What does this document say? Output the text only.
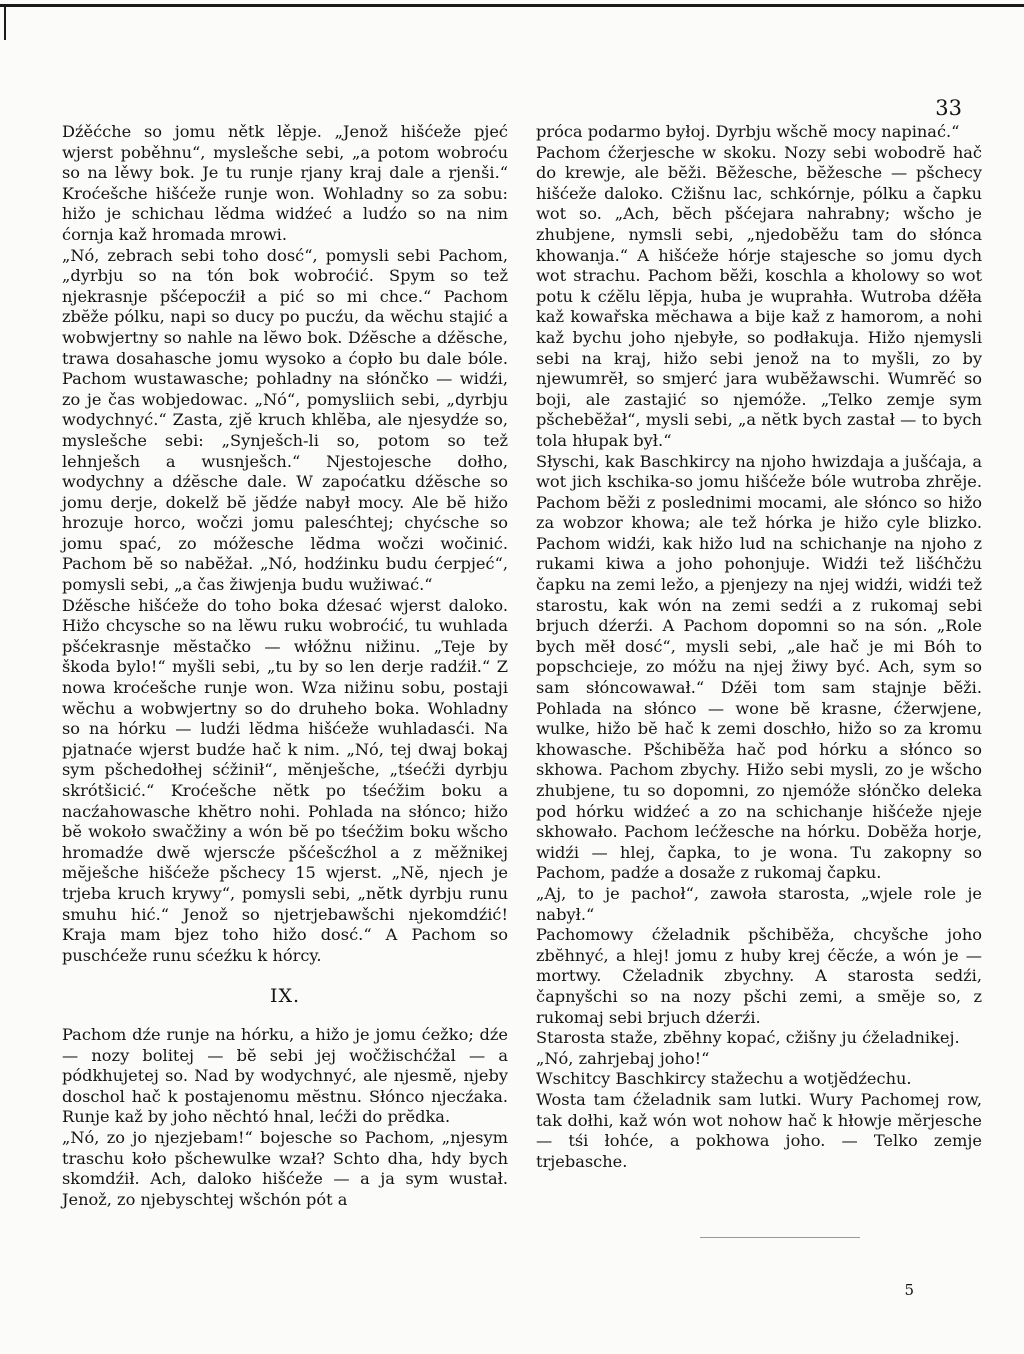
33

Dźěćche so jomu nětk lěpje. „Jenož hišćeže pjeć wjerst poběhnu“, myslešche sebi, „a potom wobroću so na lěwy bok. Je tu runje rjany kraj dale a rjenši.“ Kroćešche hišćeže runje won. Wohladny so za sobu: hižo je schichau lědma widźeć a ludźo so na nim ćornja kaž hromada mrowi.

„Nó, zebrach sebi toho dosć“, pomysli sebi Pachom, „dyrbju so na tón bok wobroćić. Spym so tež njekrasnje pšćepocźił a pić so mi chce.“ Pachom zbĕže pólku, napi so ducy po pucźu, da wĕchu stajić a wobwjertny so nahle na lĕwo bok. Dźĕsche a dźĕsche, trawa dosahasche jomu wysoko a ćopło bu dale bóle. Pachom wustawasche; pohladny na słónčko — widźi, zo je čas wobjedowac. „Nó“, pomysliich sebi, „dyrbju wodychnyć.“ Zasta, zjĕ kruch khlĕba, ale njesydźe so, myslešche sebi: „Synješch-li so, potom so tež lehnješch a wusnješch.“ Njestojesche dołho, wodychny a dźĕsche dale. W zapoćatku dźĕsche so jomu derje, dokelž bĕ jĕdźe nabył mocy. Ale bĕ hižo hrozuje horco, wočzi jomu palesćhtej; chyćsche so jomu spać, zo móžesche lĕdma wočzi wočinić. Pachom bĕ so nabĕžał. „Nó, hodźinku budu ćerpjeć“, pomysli sebi, „a čas žiwjenja budu wužiwać.“

Dźĕsche hišćeže do toho boka dźesać wjerst daloko. Hižo chcysche so na lĕwu ruku wobroćić, tu wuhlada pšćekrasnje mĕstačko — włóžnu nižinu. „Teje by škoda bylo!“ myšli sebi, „tu by so len derje radźił.“ Z nowa kroćešche runje won. Wza nižinu sobu, postaji wĕchu a wobwjertny so do druheho boka. Wohladny so na hórku — ludźi lĕdma hišćeže wuhladasći. Na pjatnaće wjerst budźe hač k nim. „Nó, tej dwaj bokaj sym pšchedołhej sćžinił“, mĕnješche, „tśećži dyrbju skrótšicić.“ Kroćešche nĕtk po tśećžim boku a nacźahowasche khĕtro nohi. Pohlada na słónco; hižo bĕ wokoło swačžiny a wón bĕ po tśećžim boku wšcho hromadźe dwĕ wjerscźe pšćešcźhol a z mĕžnikej mĕješche hišćeže pšchecy 15 wjerst. „Nĕ, njech je trjeba kruch krywy“, pomysli sebi, „nĕtk dyrbju runu smuhu hić.“ Jenož so njetrjebawšchi njekomdźić! Kraja mam bjez toho hižo dosć.“ A Pachom so puschćeže runu sćeźku k hórcy.

IX.

Pachom dźe runje na hórku, a hižo je jomu ćežko; dźe — nozy bolitej — bĕ sebi jej wočžischćžal — a pódkhujetej so. Nad by wodychnyć, ale njesmĕ, njeby doschol hač k postajenomu mĕstnu. Słónco njecźaka. Runje kaž by joho nĕchtó hnal, lećži do prĕdka.

„Nó, zo jo njezjebam!“ bojesche so Pachom, „njesym traschu koło pšchewulke wzał? Schto dha, hdy bych skomdźił. Ach, daloko hišćeže — a ja sym wustał. Jenož, zo njebyschtej wšchón pót a

próca podarmo byłoj. Dyrbju wšchĕ mocy napinać.“

Pachom ćžerjesche w skoku. Nozy sebi wobodrĕ hač do krewje, ale bĕži. Bĕžesche, bĕžesche — pšchecy hišćeže daloko. Cžišnu lac, schkórnje, pólku a čapku wot so. „Ach, bĕch pšćejara nahrabny; wšcho je zhubjene, nymsli sebi, „njedobĕžu tam do słónca khowanja.“ A hišćeže hórje stajesche so jomu dych wot strachu. Pachom bĕži, koschla a kholowy so wot potu k cźĕlu lĕpja, huba je wuprahła. Wutroba dźĕła kaž kowařska mĕchawa a bije kaž z hamorom, a nohi kaž bychu joho njebyłe, so podłakuja. Hižo njemysli sebi na kraj, hižo sebi jenož na to myšli, zo by njewumrĕł, so smjerć jara wubĕžawschi. Wumrĕć so boji, ale zastajić so njemóže. „Telko zemje sym pšchebĕžał“, mysli sebi, „a nĕtk bych zastał — to bych tola hłupak był.“

Słyschi, kak Baschkircy na njoho hwizdaja a jušćaja, a wot jich kschika-so jomu hišćeže bóle wutroba zhrĕje. Pachom bĕži z poslednimi mocami, ale słónco so hižo za wobzor khowa; ale tež hórka je hižo cyle blizko. Pachom widźi, kak hižo lud na schichanje na njoho z rukami kiwa a joho pohonjuje. Widźi tež lišćhčżu čapku na zemi ležo, a pjenjezy na njej widźi, widźi tež starostu, kak wón na zemi sedźi a z rukomaj sebi brjuch dźerźi. A Pachom dopomni so na són. „Role bych mĕł dosć“, mysli sebi, „ale hač je mi Bóh to popschcieje, zo móžu na njej žiwy być. Ach, sym so sam słóncowawał.“ Dźĕi tom sam stajnje bĕži. Pohlada na słónco — wone bĕ krasne, ćžerwjene, wulke, hižo bĕ hač k zemi doschło, hižo so za kromu khowasche. Pšchibĕža hač pod hórku a słónco so skhowa. Pachom zbychy. Hižo sebi mysli, zo je wšcho zhubjene, tu so dopomni, zo njemóže słónčko deleka pod hórku widźeć a zo na schichanje hišćeže njeje skhowało. Pachom lećžesche na hórku. Dobĕža horje, widźi — hlej, čapka, to je wona. Tu zakopny so Pachom, padźe a dosaže z rukomaj čapku.

„Aj, to je pachoł“, zawoła starosta, „wjele role je nabył.“

Pachomowy ćželadnik pšchibĕža, chcyšche joho zbĕhnyć, a hlej! jomu z huby krej ćĕcźe, a wón je — mortwy. Cželadnik zbychny. A starosta sedźi, čapnyšchi so na nozy pšchi zemi, a smĕje so, z rukomaj sebi brjuch dźerźi.

Starosta staže, zbĕhny kopać, cžišny ju ćželadnikej.

„Nó, zahrjebaj joho!“

Wschitcy Baschkircy stažechu a wotjĕdźechu.

Wosta tam ćželadnik sam lutki. Wury Pachomej row, tak dołhi, kaž wón wot nohow hač k hłowje mĕrjesche — tśi łohće, a pokhowa joho. — Telko zemje trjebasche.

5
